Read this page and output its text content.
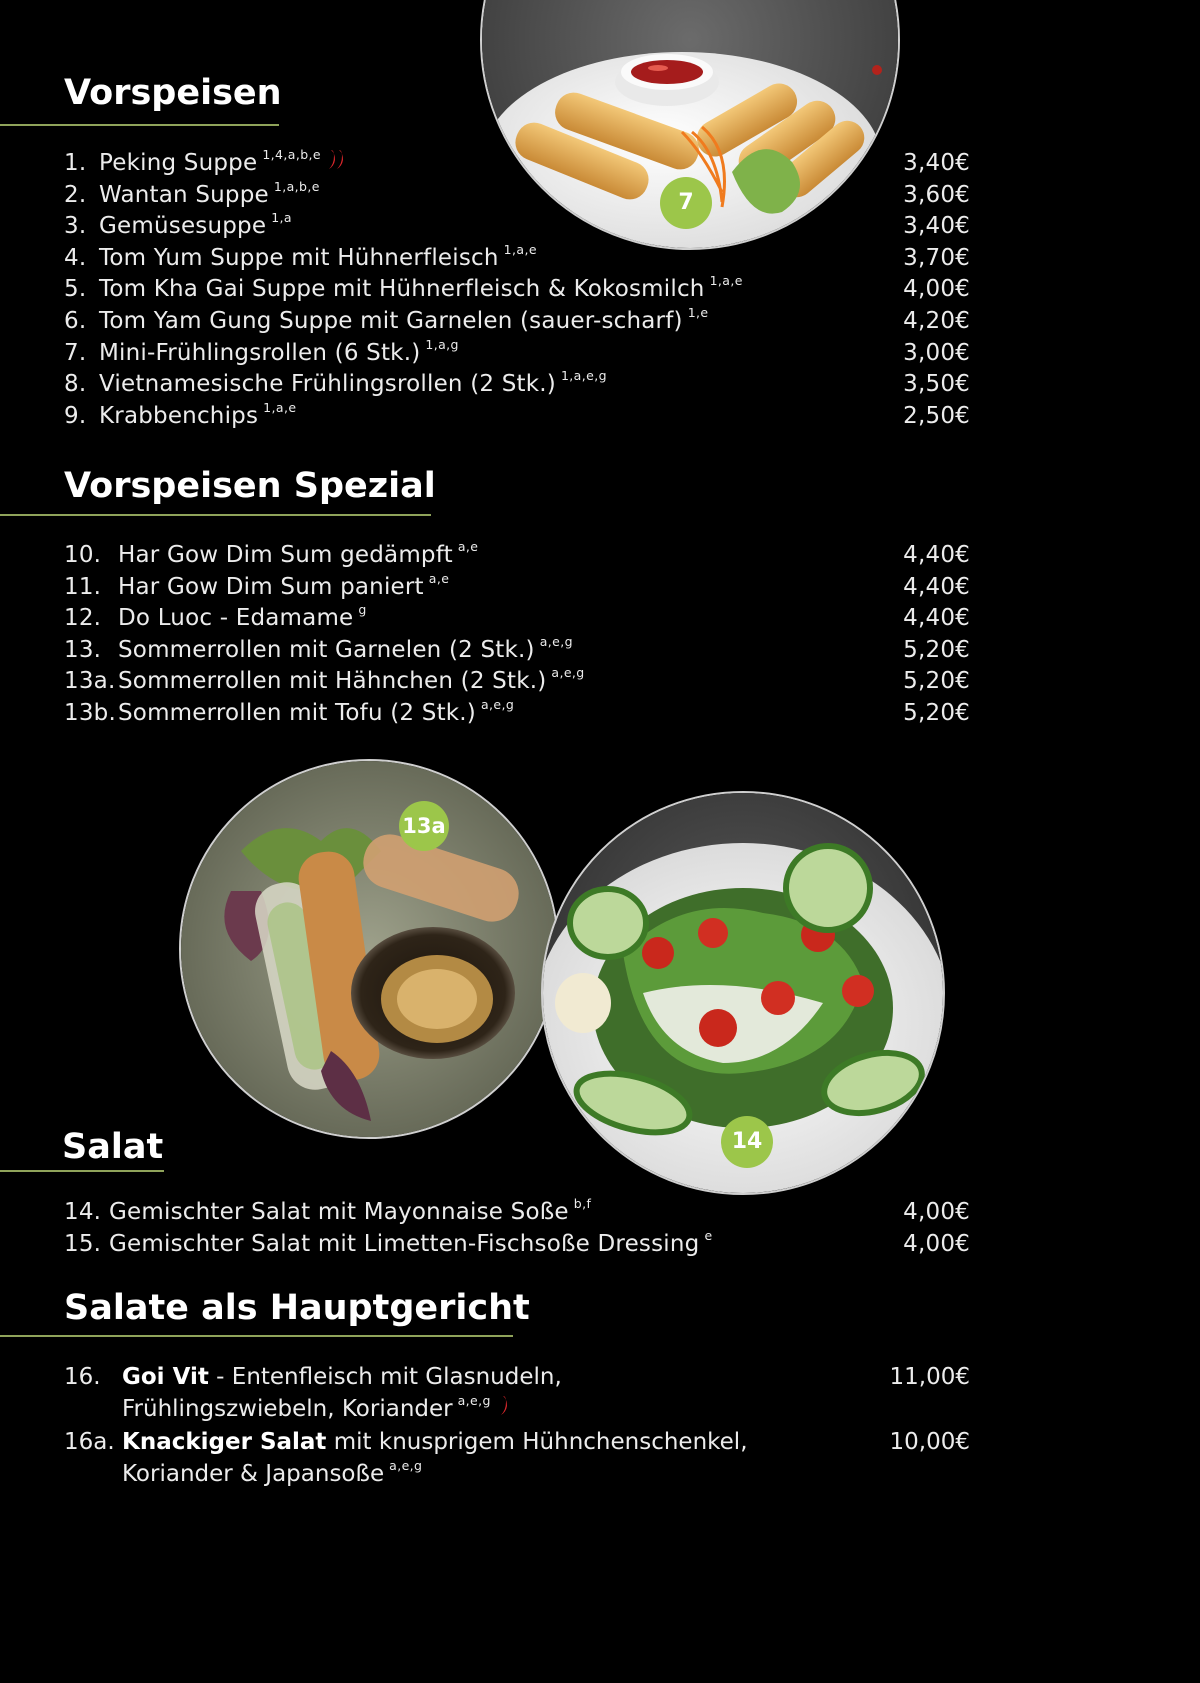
7
Vorspeisen
1. Peking Suppe $^{1,4,a,b,e}$	3,40€
2. Wantan Suppe $^{1,a,b,e}$	3,60€
3. Gemüsesuppe $^{1,a}$	3,40€
4. Tom Yum Suppe mit Hühnerfleisch $^{1,a,e}$	3,70€
5. Tom Kha Gai Suppe mit Hühnerfleisch & Kokosmilch $^{1,a,e}$	4,00€
6. Tom Yam Gung Suppe mit Garnelen (sauer-scharf) $^{1,e}$	4,20€
7. Mini-Frühlingsrollen (6 Stk.) $^{1,a,g}$	3,00€
8. Vietnamesische Frühlingsrollen (2 Stk.) $^{1,a,e,g}$	3,50€
9. Krabbenchips $^{1,a,e}$	2,50€
Vorspeisen Spezial
10. Har Gow Dim Sum gedämpft $^{a,e}$	4,40€
11. Har Gow Dim Sum paniert $^{a,e}$	4,40€
12. Do Luoc - Edamame $^g$	4,40€
13. Sommerrollen mit Garnelen (2 Stk.) $^{a,e,g}$	5,20€
13a. Sommerrollen mit Hähnchen (2 Stk.) $^{a,e,g}$	5,20€
13b.Sommerrollen mit Tofu (2 Stk.) $^{a,e,g}$	5,20€
13a
14
Salat
14. Gemischter Salat mit Mayonnaise Soße $^{b,f}$	4,00€
15. Gemischter Salat mit Limetten-Fischsoße Dressing $^e$	4,00€
Salate als Hauptgericht
16. Goi Vit - Entenfleisch mit Glasnudeln,	11,00€
Frühlingszwiebeln, Koriander $^{a,e,g}$
16a. Knackiger Salat mit knusprigem Hühnchenschenkel,	10,00€
Koriander & Japansoße $^{a,e,g}$
